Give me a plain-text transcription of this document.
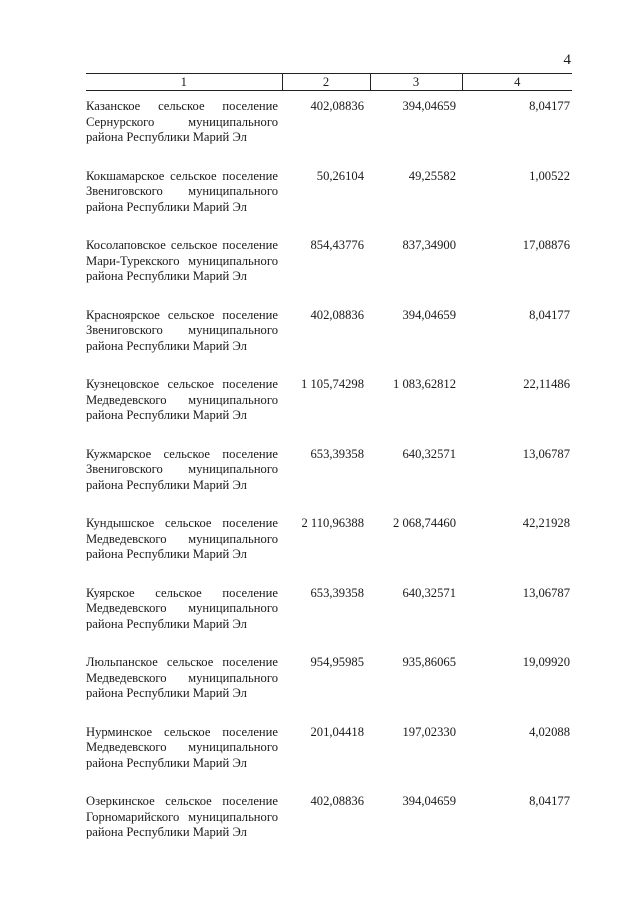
4
1	2	3	4

Казанское сельское поселение Сернурского муниципального района Республики Марий Эл	402,08836	394,04659	8,04177
Кокшамарское сельское поселение Звениговского муниципального района Республики Марий Эл	50,26104	49,25582	1,00522
Косолаповское сельское поселение Мари-Турекского муниципального района Республики Марий Эл	854,43776	837,34900	17,08876
Красноярское сельское поселение Звениговского муниципального района Республики Марий Эл	402,08836	394,04659	8,04177
Кузнецовское сельское поселение Медведевского муниципального района Республики Марий Эл	1 105,74298	1 083,62812	22,11486
Кужмарское сельское поселение Звениговского муниципального района Республики Марий Эл	653,39358	640,32571	13,06787
Кундышское сельское поселение Медведевского муниципального района Республики Марий Эл	2 110,96388	2 068,74460	42,21928
Куярское сельское поселение Медведевского муниципального района Республики Марий Эл	653,39358	640,32571	13,06787
Люльпанское сельское поселение Медведевского муниципального района Республики Марий Эл	954,95985	935,86065	19,09920
Нурминское сельское поселение Медведевского муниципального района Республики Марий Эл	201,04418	197,02330	4,02088
Озеркинское сельское поселение Горномарийского муниципального района Республики Марий Эл	402,08836	394,04659	8,04177
